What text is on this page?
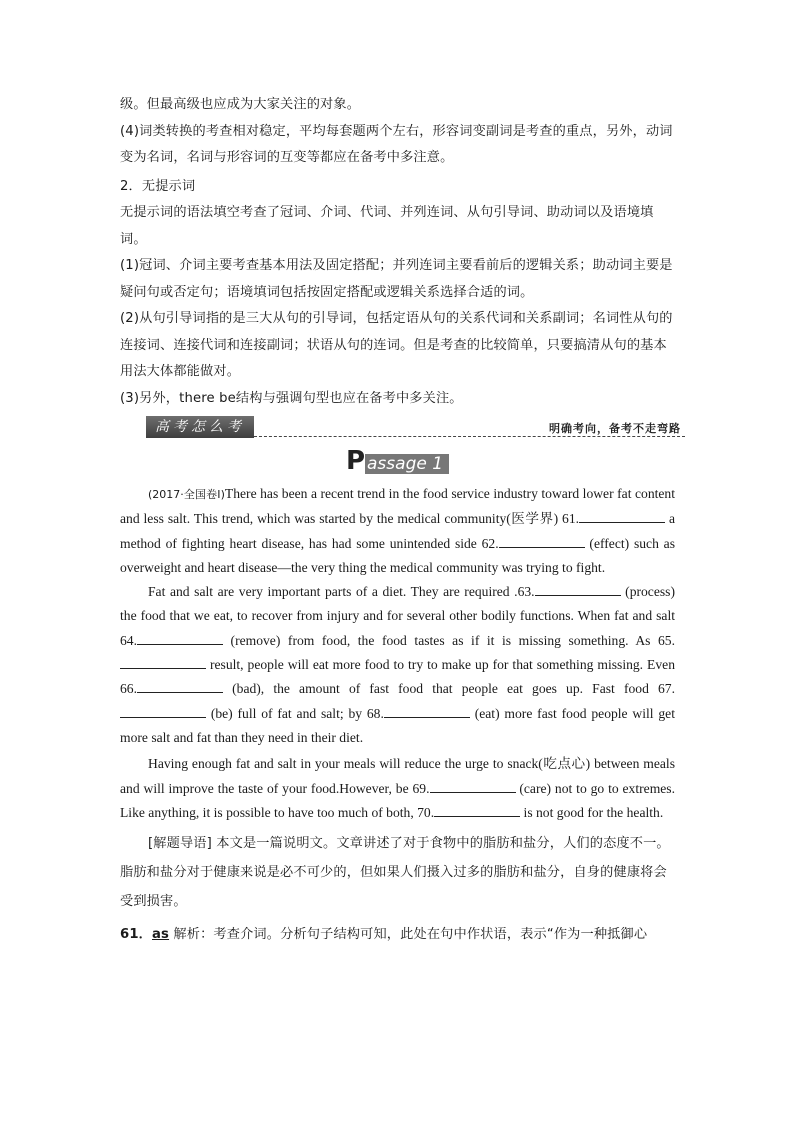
级。但最高级也应成为大家关注的对象。

(4)词类转换的考查相对稳定，平均每套题两个左右，形容词变副词是考查的重点，另外，动词变为名词，名词与形容词的互变等都应在备考中多注意。

2．无提示词

无提示词的语法填空考查了冠词、介词、代词、并列连词、从句引导词、助动词以及语境填词。

(1)冠词、介词主要考查基本用法及固定搭配；并列连词主要看前后的逻辑关系；助动词主要是疑问句或否定句；语境填词包括按固定搭配或逻辑关系选择合适的词。

(2)从句引导词指的是三大从句的引导词，包括定语从句的关系代词和关系副词；名词性从句的连接词、连接代词和连接副词；状语从句的连词。但是考查的比较简单，只要搞清从句的基本用法大体都能做对。

(3)另外，there be结构与强调句型也应在备考中多关注。

高考怎么考	明确考向，备考不走弯路
Passage 1

(2017·全国卷Ⅰ)There has been a recent trend in the food service industry toward lower fat content and less salt. This trend, which was started by the medical community(医学界) 61.	a method of fighting heart disease, has had some unintended side 62.	(effect) such as overweight and heart disease—the very thing the medical community was trying to fight.

Fat and salt are very important parts of a diet. They are required .63.	(process) the food that we eat, to recover from injury and for several other bodily functions. When fat and salt 64.	(remove) from food, the food tastes as if it is missing something. As 65. result, people will eat more food to try to make up for that something missing. Even 66.	(bad), the amount of fast food that people eat goes up. Fast food 67. (be) full of fat and salt; by 68.	(eat) more fast food people will get more salt and fat than they need in their diet.

Having enough fat and salt in your meals will reduce the urge to snack(吃点心) between meals and will improve the taste of your food.However, be 69.	(care) not to go to extremes. Like anything, it is possible to have too much of both, 70.	is not good for the health.

[解题导语] 本文是一篇说明文。文章讲述了对于食物中的脂肪和盐分，人们的态度不一。脂肪和盐分对于健康来说是必不可少的，但如果人们摄入过多的脂肪和盐分，自身的健康将会受到损害。

61．as 解析：考查介词。分析句子结构可知，此处在句中作状语，表示“作为一种抵御心
